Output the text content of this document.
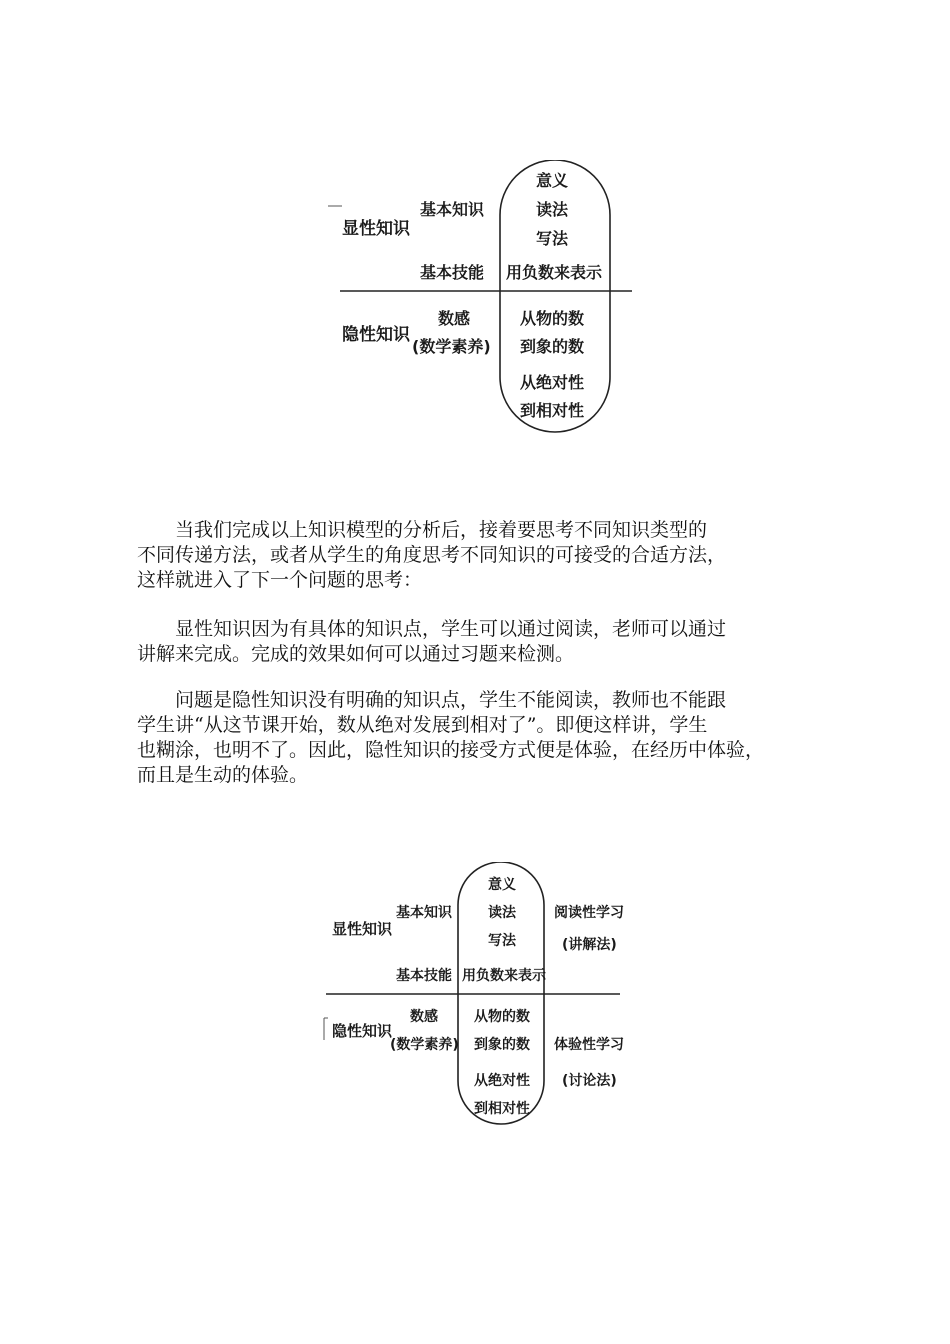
显性知识
基本知识
基本技能
隐性知识
数感
(数学素养)
意义
读法
写法
用负数来表示
从物的数
到象的数
从绝对性
到相对性
当我们完成以上知识模型的分析后，接着要思考不同知识类型的
不同传递方法，或者从学生的角度思考不同知识的可接受的合适方法，
这样就进入了下一个问题的思考：
显性知识因为有具体的知识点，学生可以通过阅读，老师可以通过
讲解来完成。完成的效果如何可以通过习题来检测。
问题是隐性知识没有明确的知识点，学生不能阅读，教师也不能跟
学生讲“从这节课开始，数从绝对发展到相对了”。即便这样讲，学生
也糊涂，也明不了。因此，隐性知识的接受方式便是体验，在经历中体验，
而且是生动的体验。
显性知识
基本知识
基本技能
隐性知识
数感
(数学素养)
意义
读法
写法
用负数来表示
从物的数
到象的数
从绝对性
到相对性
阅读性学习
(讲解法)
体验性学习
(讨论法)
